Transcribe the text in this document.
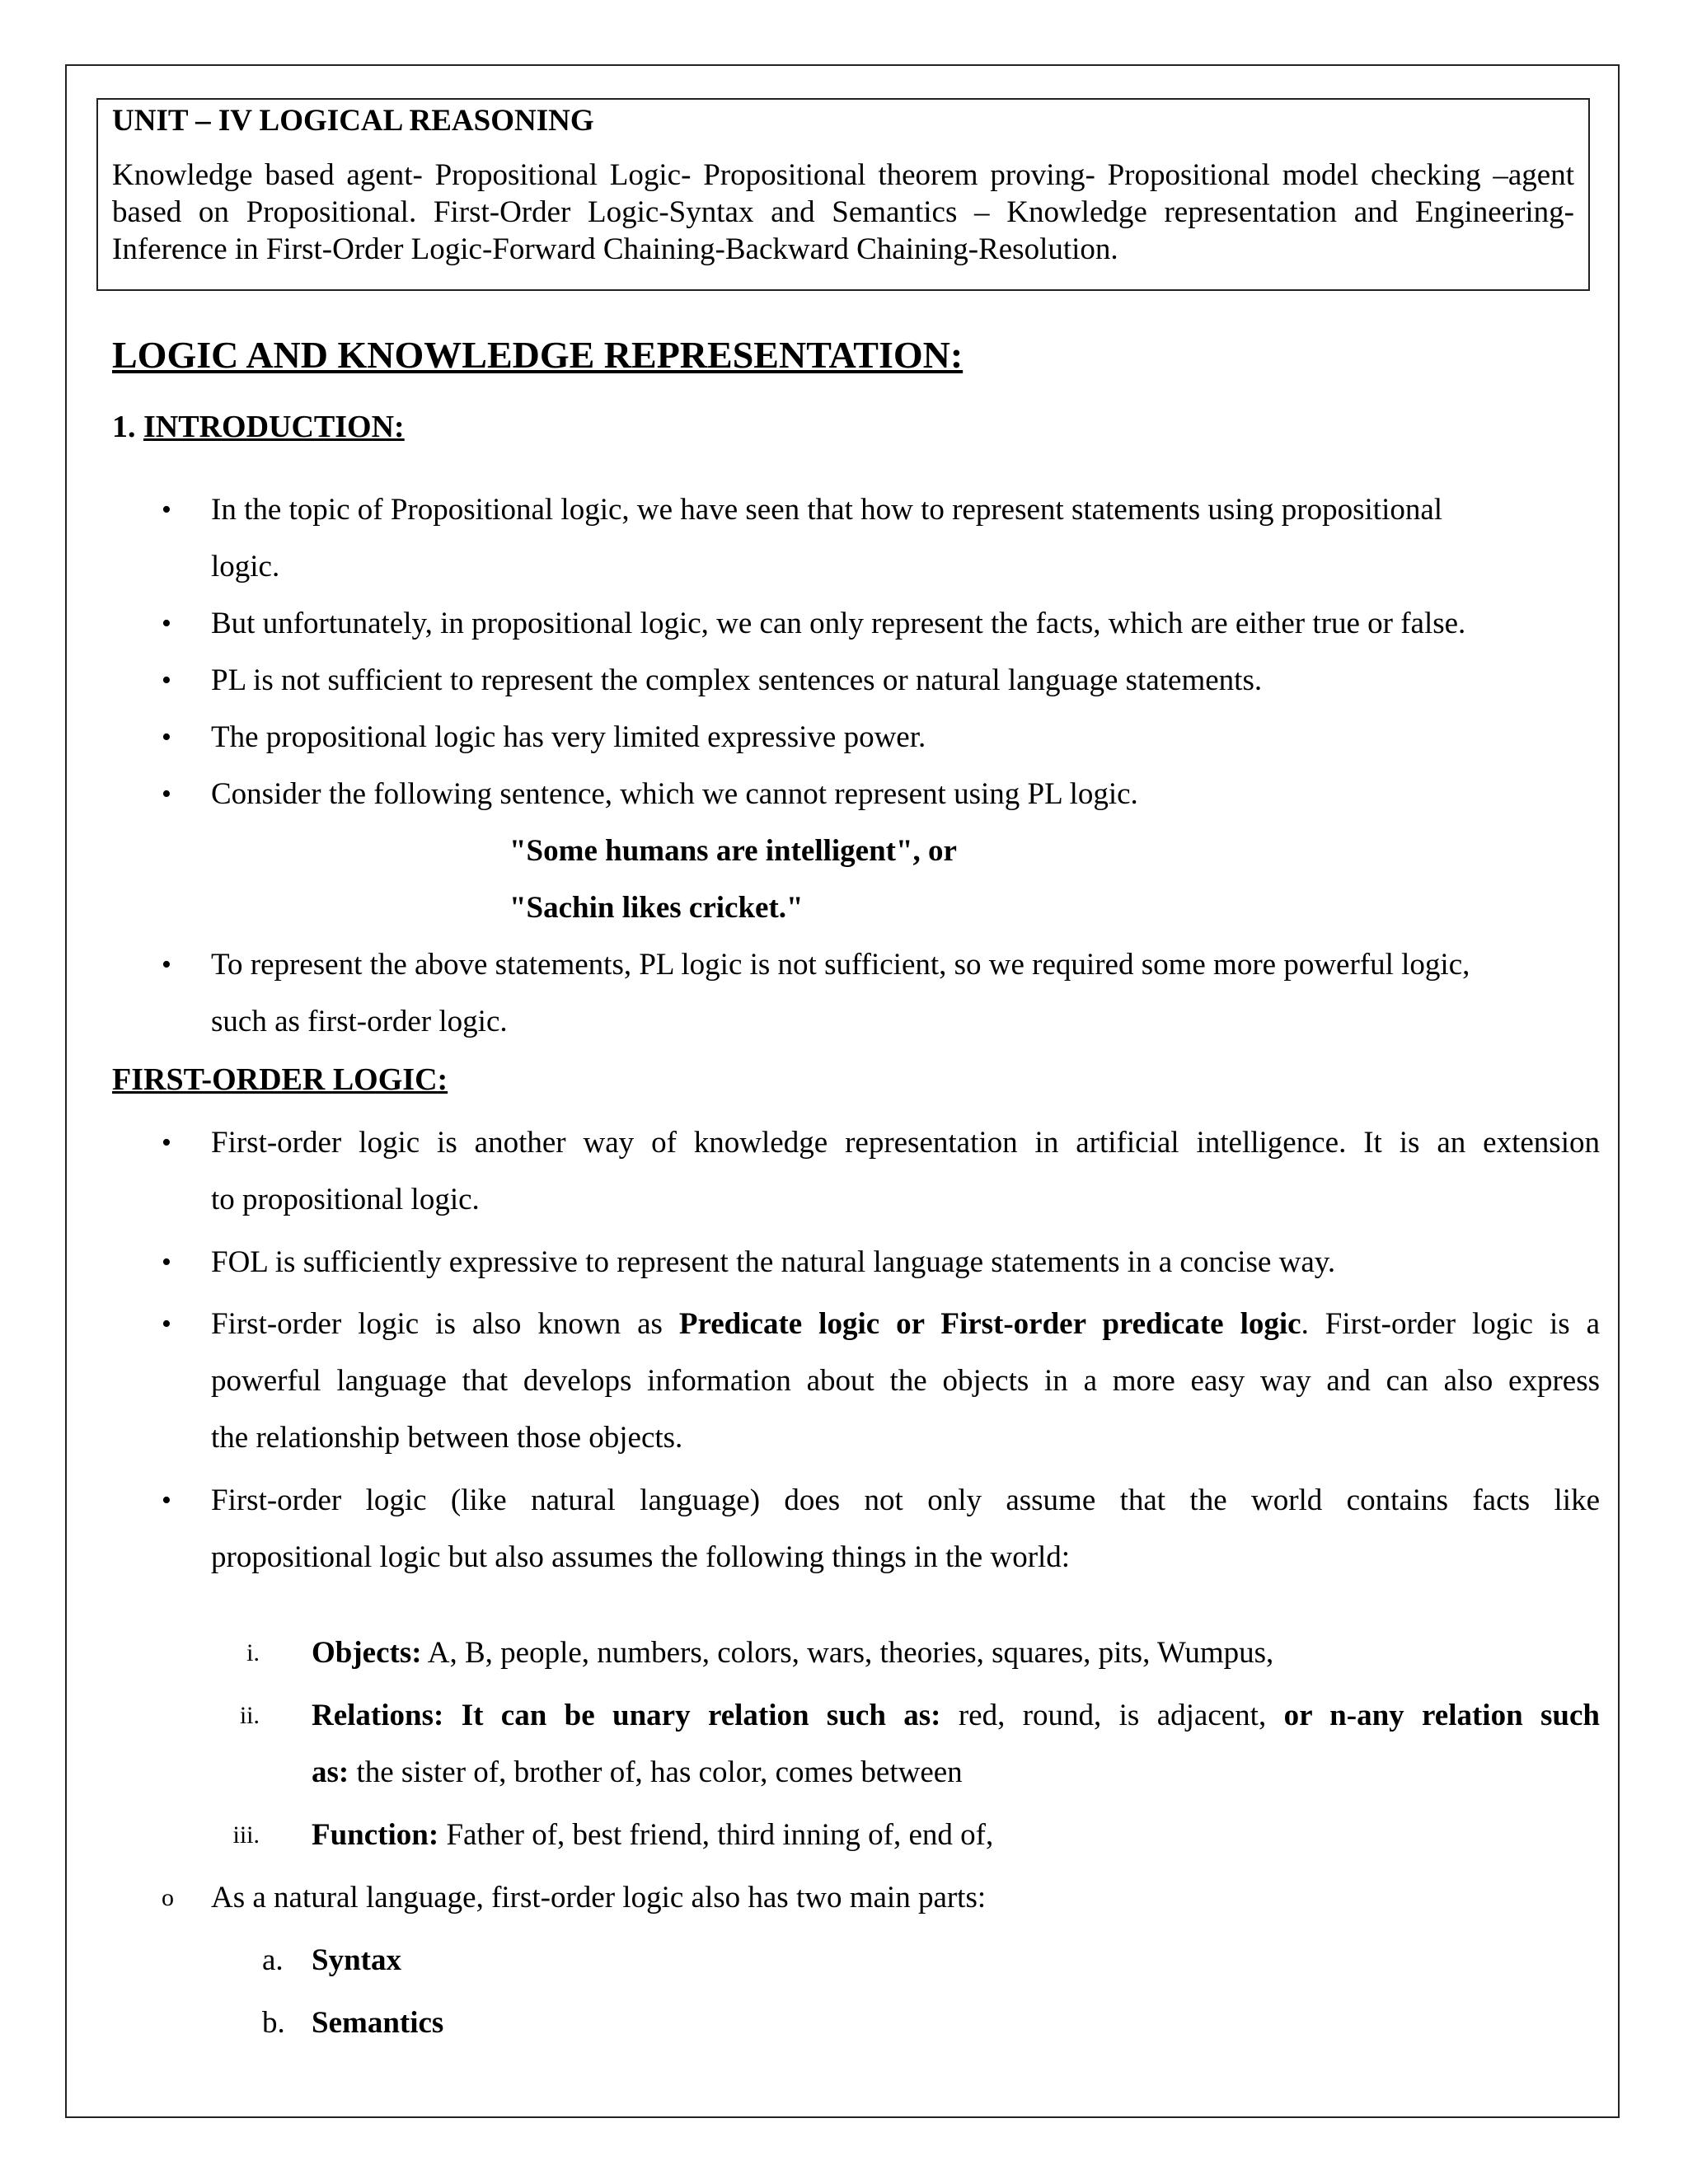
UNIT – IV LOGICAL REASONING
Knowledge based agent- Propositional Logic- Propositional theorem proving- Propositional model checking –agent based on Propositional. First-Order Logic-Syntax and Semantics – Knowledge representation and Engineering- Inference in First-Order Logic-Forward Chaining-Backward Chaining-Resolution.
LOGIC AND KNOWLEDGE REPRESENTATION:
1. INTRODUCTION:
• In the topic of Propositional logic, we have seen that how to represent statements using propositional
logic.
• But unfortunately, in propositional logic, we can only represent the facts, which are either true or false.
• PL is not sufficient to represent the complex sentences or natural language statements.
• The propositional logic has very limited expressive power.
• Consider the following sentence, which we cannot represent using PL logic.
"Some humans are intelligent", or
"Sachin likes cricket."
• To represent the above statements, PL logic is not sufficient, so we required some more powerful logic,
such as first-order logic.
FIRST-ORDER LOGIC:
• First-order logic is another way of knowledge representation in artificial intelligence. It is an extension
to propositional logic.
• FOL is sufficiently expressive to represent the natural language statements in a concise way.
• First-order logic is also known as Predicate logic or First-order predicate logic. First-order logic is a
powerful language that develops information about the objects in a more easy way and can also express
the relationship between those objects.
• First-order logic (like natural language) does not only assume that the world contains facts like
propositional logic but also assumes the following things in the world:
i. Objects: A, B, people, numbers, colors, wars, theories, squares, pits, Wumpus,
ii. Relations: It can be unary relation such as: red, round, is adjacent, or n-any relation such
as: the sister of, brother of, has color, comes between
iii. Function: Father of, best friend, third inning of, end of,
o As a natural language, first-order logic also has two main parts:
a. Syntax
b. Semantics
